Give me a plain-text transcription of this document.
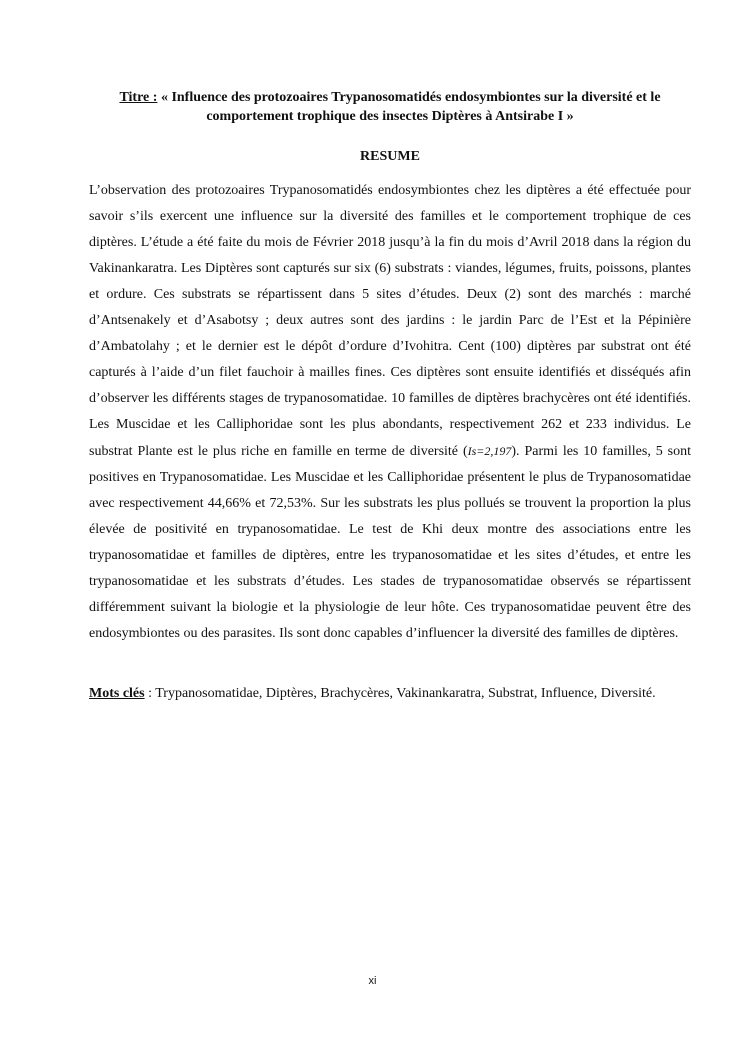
Titre : « Influence des protozoaires Trypanosomatidés endosymbiontes sur la diversité et le comportement trophique des insectes Diptères à Antsirabe I »
RESUME

L’observation des protozoaires Trypanosomatidés endosymbiontes chez les diptères a été effectuée pour savoir s’ils exercent une influence sur la diversité des familles et le comportement trophique de ces diptères. L’étude a été faite du mois de Février 2018 jusqu’à la fin du mois d’Avril 2018 dans la région du Vakinankaratra. Les Diptères sont capturés sur six (6) substrats : viandes, légumes, fruits, poissons, plantes et ordure. Ces substrats se répartissent dans 5 sites d’études. Deux (2) sont des marchés : marché d’Antsenakely et d’Asabotsy ; deux autres sont des jardins : le jardin Parc de l’Est et la Pépinière d’Ambatolahy ; et le dernier est le dépôt d’ordure d’Ivohitra. Cent (100) diptères par substrat ont été capturés à l’aide d’un filet fauchoir à mailles fines. Ces diptères sont ensuite identifiés et disséqués afin d’observer les différents stages de trypanosomatidae. 10 familles de diptères brachycères ont été identifiés. Les Muscidae et les Calliphoridae sont les plus abondants, respectivement 262 et 233 individus. Le substrat Plante est le plus riche en famille en terme de diversité (Is=2,197). Parmi les 10 familles, 5 sont positives en Trypanosomatidae. Les Muscidae et les Calliphoridae présentent le plus de Trypanosomatidae avec respectivement 44,66% et 72,53%. Sur les substrats les plus pollués se trouvent la proportion la plus élevée de positivité en trypanosomatidae. Le test de Khi deux montre des associations entre les trypanosomatidae et familles de diptères, entre les trypanosomatidae et les sites d’études, et entre les trypanosomatidae et les substrats d’études. Les stades de trypanosomatidae observés se répartissent différemment suivant la biologie et la physiologie de leur hôte. Ces trypanosomatidae peuvent être des endosymbiontes ou des parasites. Ils sont donc capables d’influencer la diversité des familles de diptères.

Mots clés : Trypanosomatidae, Diptères, Brachycères, Vakinankaratra, Substrat, Influence, Diversité.

xi
